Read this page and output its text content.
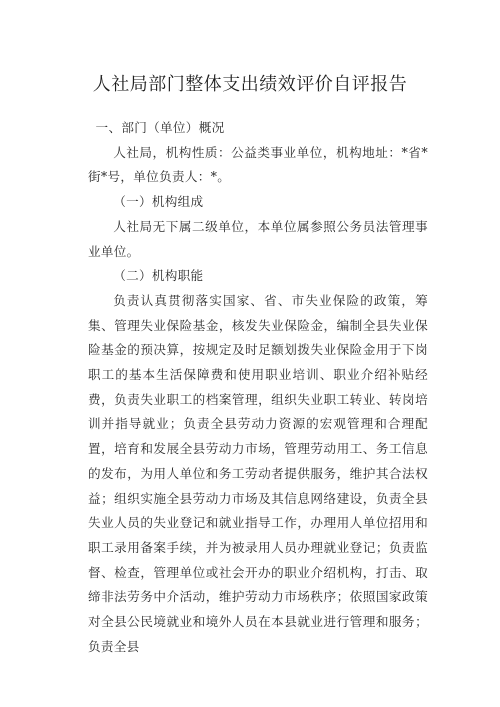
人社局部门整体支出绩效评价自评报告

一、部门（单位）概况

人社局，机构性质：公益类事业单位，机构地址：*省*街*号，单位负责人：*。

（一）机构组成

人社局无下属二级单位，本单位属参照公务员法管理事业单位。

（二）机构职能

负责认真贯彻落实国家、省、市失业保险的政策，筹集、管理失业保险基金，核发失业保险金，编制全县失业保险基金的预决算，按规定及时足额划拨失业保险金用于下岗职工的基本生活保障费和使用职业培训、职业介绍补贴经费，负责失业职工的档案管理，组织失业职工转业、转岗培训并指导就业；负责全县劳动力资源的宏观管理和合理配置，培育和发展全县劳动力市场，管理劳动用工、务工信息的发布，为用人单位和务工劳动者提供服务，维护其合法权益；组织实施全县劳动力市场及其信息网络建设，负责全县失业人员的失业登记和就业指导工作，办理用人单位招用和职工录用备案手续，并为被录用人员办理就业登记；负责监督、检查，管理单位或社会开办的职业介绍机构，打击、取缔非法劳务中介活动，维护劳动力市场秩序；依照国家政策对全县公民境就业和境外人员在本县就业进行管理和服务；负责全县
